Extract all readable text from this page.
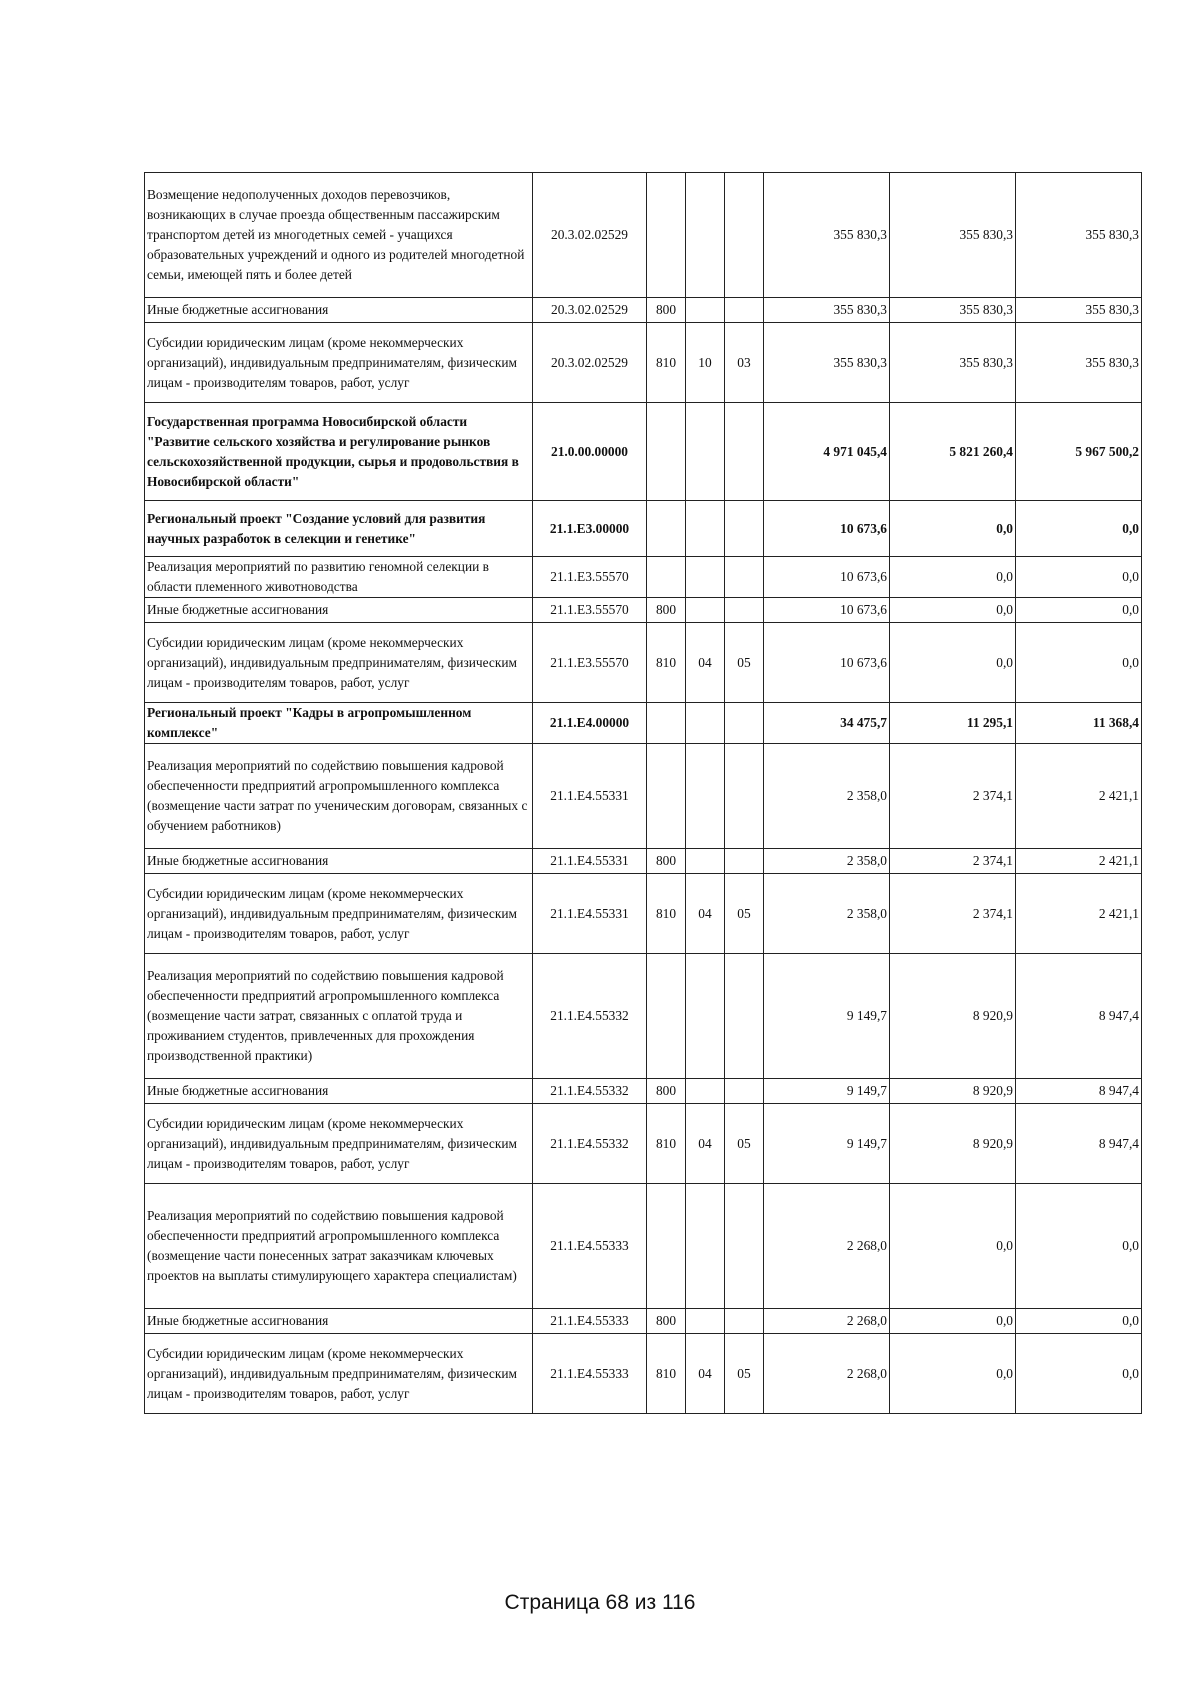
Возмещение недополученных доходов перевозчиков, возникающих в случае проезда общественным пассажирским транспортом детей из многодетных семей - учащихся образовательных учреждений и одного из родителей многодетной семьи, имеющей пять и более детей	20.3.02.02529				355 830,3	355 830,3	355 830,3
Иные бюджетные ассигнования	20.3.02.02529	800			355 830,3	355 830,3	355 830,3
Субсидии юридическим лицам (кроме некоммерческих организаций), индивидуальным предпринимателям, физическим лицам - производителям товаров, работ, услуг	20.3.02.02529	810	10	03	355 830,3	355 830,3	355 830,3
Государственная программа Новосибирской области "Развитие сельского хозяйства и регулирование рынков сельскохозяйственной продукции, сырья и продовольствия в Новосибирской области"	21.0.00.00000				4 971 045,4	5 821 260,4	5 967 500,2
Региональный проект "Создание условий для развития научных разработок в селекции и генетике"	21.1.E3.00000				10 673,6	0,0	0,0
Реализация мероприятий по развитию геномной селекции в области племенного животноводства	21.1.E3.55570				10 673,6	0,0	0,0
Иные бюджетные ассигнования	21.1.E3.55570	800			10 673,6	0,0	0,0
Субсидии юридическим лицам (кроме некоммерческих организаций), индивидуальным предпринимателям, физическим лицам - производителям товаров, работ, услуг	21.1.E3.55570	810	04	05	10 673,6	0,0	0,0
Региональный проект "Кадры в агропромышленном комплексе"	21.1.E4.00000				34 475,7	11 295,1	11 368,4
Реализация мероприятий по содействию повышения кадровой обеспеченности предприятий агропромышленного комплекса (возмещение части затрат по ученическим договорам, связанных с обучением работников)	21.1.E4.55331				2 358,0	2 374,1	2 421,1
Иные бюджетные ассигнования	21.1.E4.55331	800			2 358,0	2 374,1	2 421,1
Субсидии юридическим лицам (кроме некоммерческих организаций), индивидуальным предпринимателям, физическим лицам - производителям товаров, работ, услуг	21.1.E4.55331	810	04	05	2 358,0	2 374,1	2 421,1
Реализация мероприятий по содействию повышения кадровой обеспеченности предприятий агропромышленного комплекса (возмещение части затрат, связанных с оплатой труда и проживанием студентов, привлеченных для прохождения производственной практики)	21.1.E4.55332				9 149,7	8 920,9	8 947,4
Иные бюджетные ассигнования	21.1.E4.55332	800			9 149,7	8 920,9	8 947,4
Субсидии юридическим лицам (кроме некоммерческих организаций), индивидуальным предпринимателям, физическим лицам - производителям товаров, работ, услуг	21.1.E4.55332	810	04	05	9 149,7	8 920,9	8 947,4
Реализация мероприятий по содействию повышения кадровой обеспеченности предприятий агропромышленного комплекса (возмещение части понесенных затрат заказчикам ключевых проектов на выплаты стимулирующего характера специалистам)	21.1.E4.55333				2 268,0	0,0	0,0
Иные бюджетные ассигнования	21.1.E4.55333	800			2 268,0	0,0	0,0
Субсидии юридическим лицам (кроме некоммерческих организаций), индивидуальным предпринимателям, физическим лицам - производителям товаров, работ, услуг	21.1.E4.55333	810	04	05	2 268,0	0,0	0,0
Страница 68 из 116
